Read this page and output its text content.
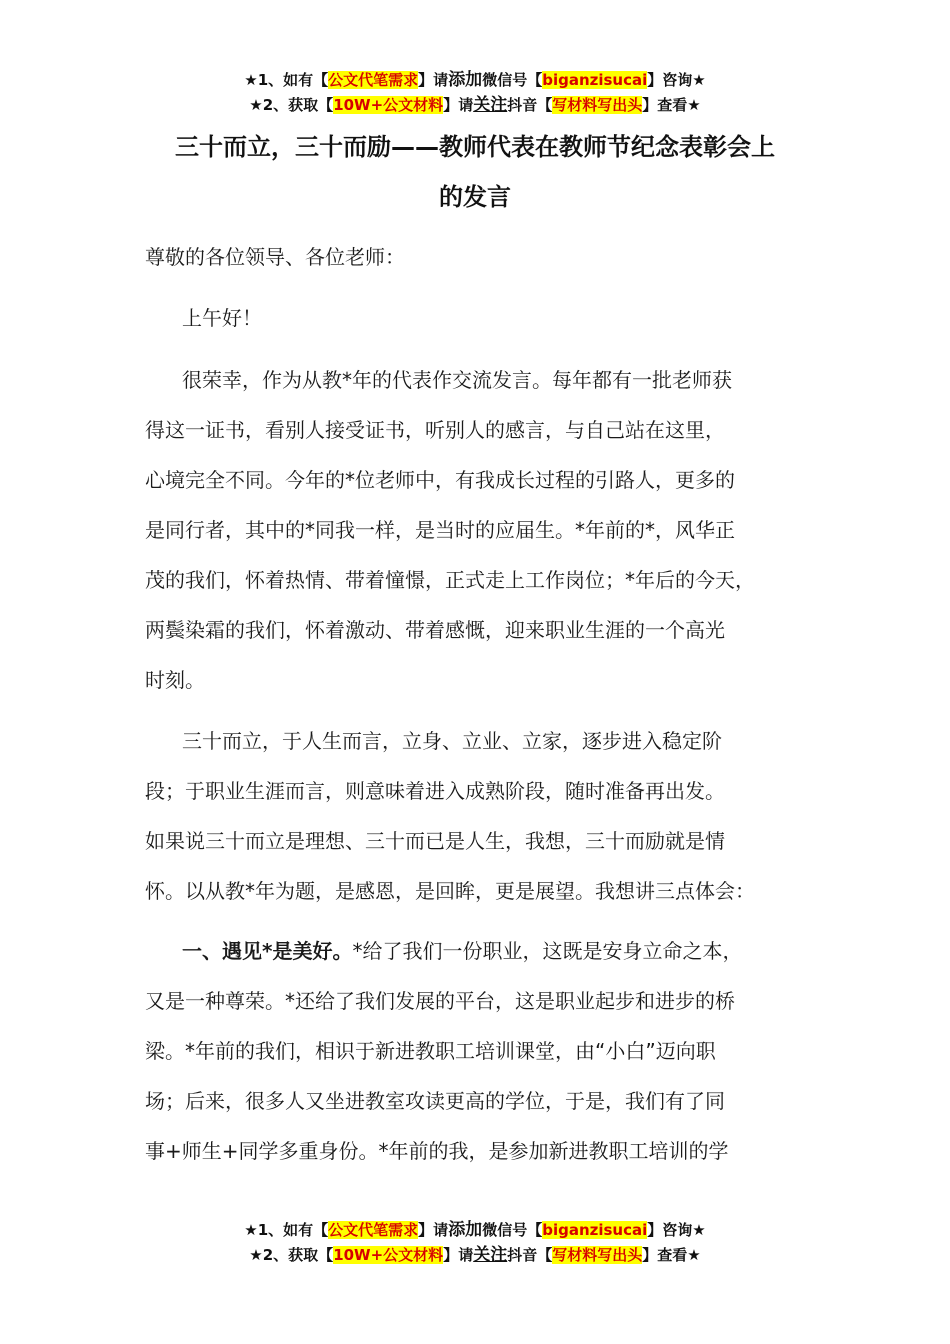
★1、如有【公文代笔需求】请添加微信号【biganzisucai】咨询★
★2、获取【10W+公文材料】请关注抖音【写材料写出头】查看★
三十而立，三十而励——教师代表在教师节纪念表彰会上
的发言
尊敬的各位领导、各位老师：
上午好！
很荣幸，作为从教*年的代表作交流发言。每年都有一批老师获
得这一证书，看别人接受证书，听别人的感言，与自己站在这里，
心境完全不同。今年的*位老师中，有我成长过程的引路人，更多的
是同行者，其中的*同我一样，是当时的应届生。*年前的*，风华正
茂的我们，怀着热情、带着憧憬，正式走上工作岗位；*年后的今天，
两鬓染霜的我们，怀着激动、带着感慨，迎来职业生涯的一个高光
时刻。
三十而立，于人生而言，立身、立业、立家，逐步进入稳定阶
段；于职业生涯而言，则意味着进入成熟阶段，随时准备再出发。
如果说三十而立是理想、三十而已是人生，我想，三十而励就是情
怀。以从教*年为题，是感恩，是回眸，更是展望。我想讲三点体会：
一、遇见*是美好。*给了我们一份职业，这既是安身立命之本，
又是一种尊荣。*还给了我们发展的平台，这是职业起步和进步的桥
梁。*年前的我们，相识于新进教职工培训课堂，由“小白”迈向职
场；后来，很多人又坐进教室攻读更高的学位，于是，我们有了同
事+师生+同学多重身份。*年前的我，是参加新进教职工培训的学
★1、如有【公文代笔需求】请添加微信号【biganzisucai】咨询★
★2、获取【10W+公文材料】请关注抖音【写材料写出头】查看★
